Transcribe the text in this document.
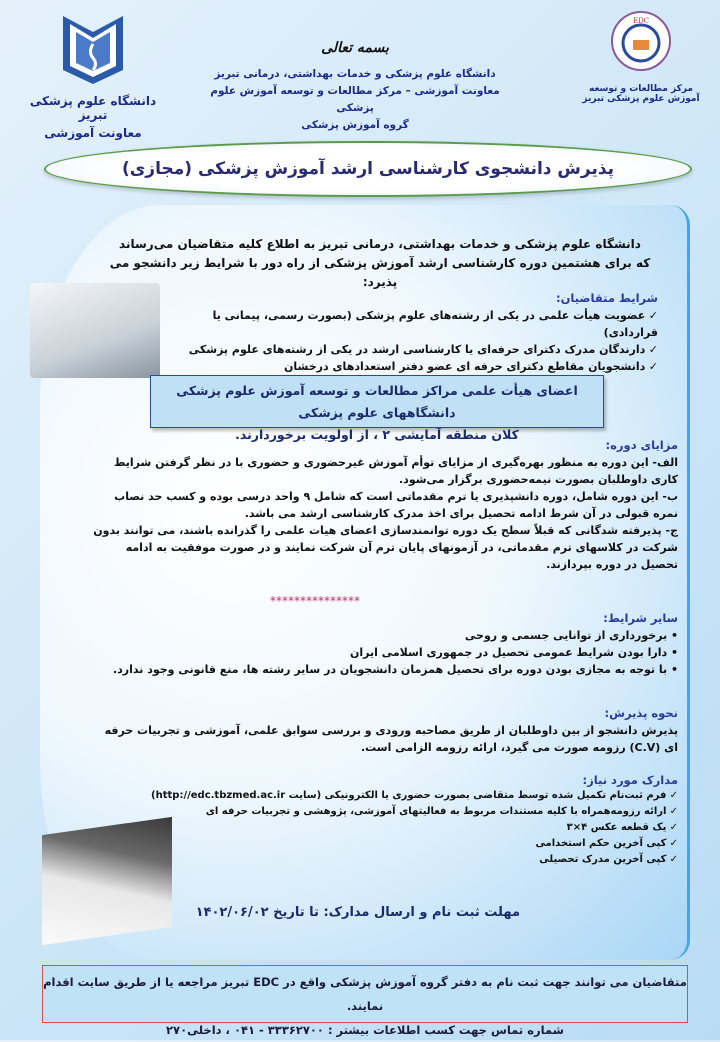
دانشگاه علوم پزشکی تبریز
معاونت آموزشی
EDC
مرکز مطالعات و توسعه آموزش علوم پزشکی تبریز
بسمه تعالی
دانشگاه علوم پزشکی و خدمات بهداشتی، درمانی تبریز
معاونت آموزشی – مرکز مطالعات و توسعه آموزش علوم پزشکی
گروه آموزش پزشکی
پذیرش دانشجوی کارشناسی ارشد آموزش پزشکی (مجازی)
دانشگاه علوم پزشکی و خدمات بهداشتی، درمانی تبریز به اطلاع کلیه متقاضیان می‌رساند
که برای هشتمین دوره کارشناسی ارشد آموزش پزشکی از راه دور با شرایط زیر دانشجو می پذیرد:
شرایط متقاضیان:
✓ عضویت هیأت علمی در یکی از رشته‌های علوم پزشکی (بصورت رسمی، پیمانی یا قراردادی)
✓ دارندگان مدرک دکترای حرفه‌ای یا کارشناسی ارشد در یکی از رشته‌های علوم پزشکی
✓ دانشجویان مقاطع دکترای حرفه ای عضو دفتر استعدادهای درخشان
اعضای هیأت علمی مراکز مطالعات و توسعه آموزش علوم پزشکی دانشگاههای علوم پزشکی
کلان منطقه آمایشی ۲ ، از اولویت برخوردارند.
مزایای دوره:

الف- این دوره به منظور بهره‌گیری از مزایای توأم آموزش غیرحضوری و حضوری با در نظر گرفتن شرایط کاری داوطلبان بصورت نیمه‌حضوری برگزار می‌شود.

ب- این دوره شامل، دوره دانشپذیری یا ترم مقدماتی است که شامل ۹ واحد درسی بوده و کسب حد نصاب نمره قبولی در آن شرط ادامه تحصیل برای اخذ مدرک کارشناسی ارشد می باشد.

ج- پذیرفته شدگانی که قبلاً سطح یک دوره توانمندسازی اعضای هیات علمی را گذرانده باشند، می توانند بدون شرکت در کلاسهای ترم مقدماتی، در آزمونهای پایان ترم آن شرکت نمایند و در صورت موفقیت به ادامه تحصیل در دوره بپردازند.

***************
سایر شرایط:
• برخورداری از توانایی جسمی و روحی
• دارا بودن شرایط عمومی تحصیل در جمهوری اسلامی ایران
• با توجه به مجازی بودن دوره برای تحصیل همزمان دانشجویان در سایر رشته ها، منع قانونی وجود ندارد.
نحوه پذیرش:

پذیرش دانشجو از بین داوطلبان از طریق مصاحبه ورودی و بررسی سوابق علمی، آموزشی و تجربیات حرفه ای (C.V) رزومه صورت می گیرد، ارائه رزومه الزامی است.

مدارک مورد نیاز:
✓ فرم ثبت‌نام تکمیل شده توسط متقاضی بصورت حضوری یا الکترونیکی (سایت http://edc.tbzmed.ac.ir)
✓ ارائه رزومه‌همراه با کلیه مستندات مربوط به فعالیتهای آموزشی، پژوهشی و تجربیات حرفه ای
✓ یک قطعه عکس ۴×۳
✓ کپی آخرین حکم استخدامی
✓ کپی آخرین مدرک تحصیلی
مهلت ثبت نام و ارسال مدارک: تا تاریخ ۱۴۰۲/۰۶/۰۲
متقاضیان می توانند جهت ثبت نام به دفتر گروه آموزش پزشکی واقع در EDC تبریز مراجعه یا از طریق سایت اقدام نمایند.
شماره تماس جهت کسب اطلاعات بیشتر : ۳۳۳۶۲۷۰۰ - ۰۴۱ ، داخلی۲۷۰
